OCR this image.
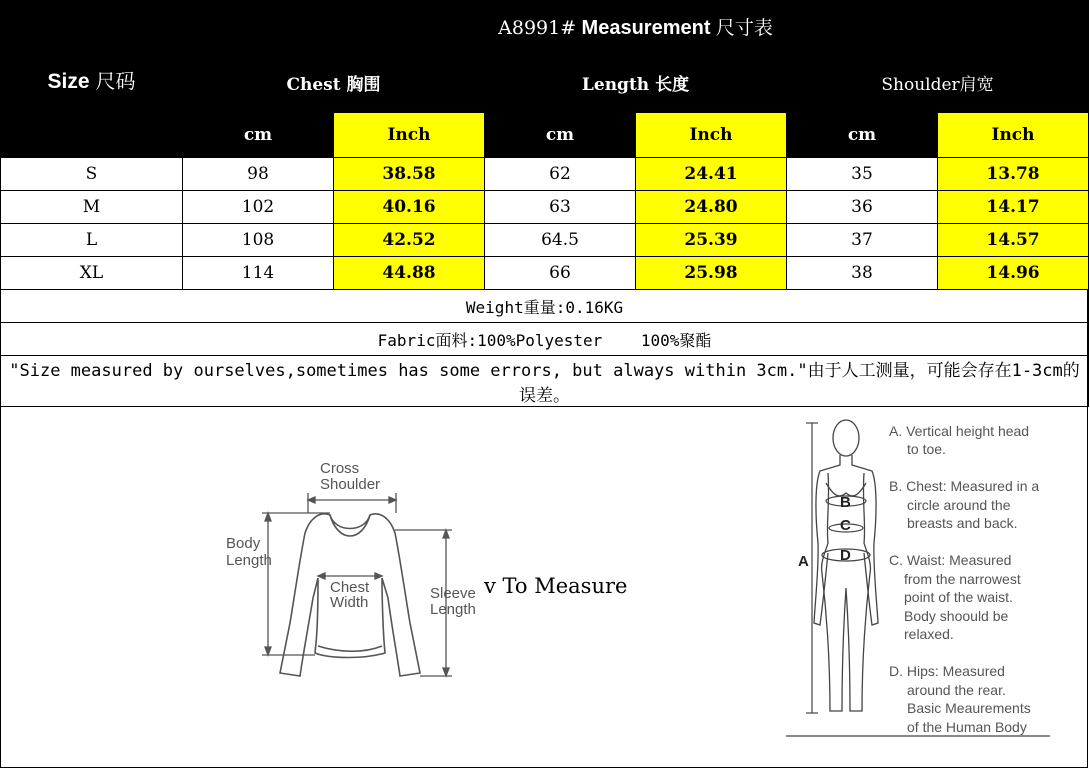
Size 尺码	A8991# Measurement 尺寸表					
	Chest 胸围		Length 长度		Shoulder肩宽	
	cm	Inch	cm	Inch	cm	Inch
S	98	38.58	62	24.41	35	13.78
M	102	40.16	63	24.80	36	14.17
L	108	42.52	64.5	25.39	37	14.57
XL	114	44.88	66	25.98	38	14.96
Weight重量:0.16KG						
Fabric面料:100%Polyester    100%聚酯						
"Size measured by ourselves,sometimes has some errors, but always within 3cm."由于人工测量，可能会存在1-3cm的误差。						
Cross
Shoulder
Body
Length
Chest
Width
Sleeve
Length
A
B
C
D
A. Vertical height head
to toe.
B. Chest: Measured in a
circle around the
breasts and back.
C. Waist: Measured
from the narrowest
point of the waist.
Body shoould be
relaxed.
D. Hips: Measured
around the rear.
Basic Meaurements
of the Human Body
v To Measure
